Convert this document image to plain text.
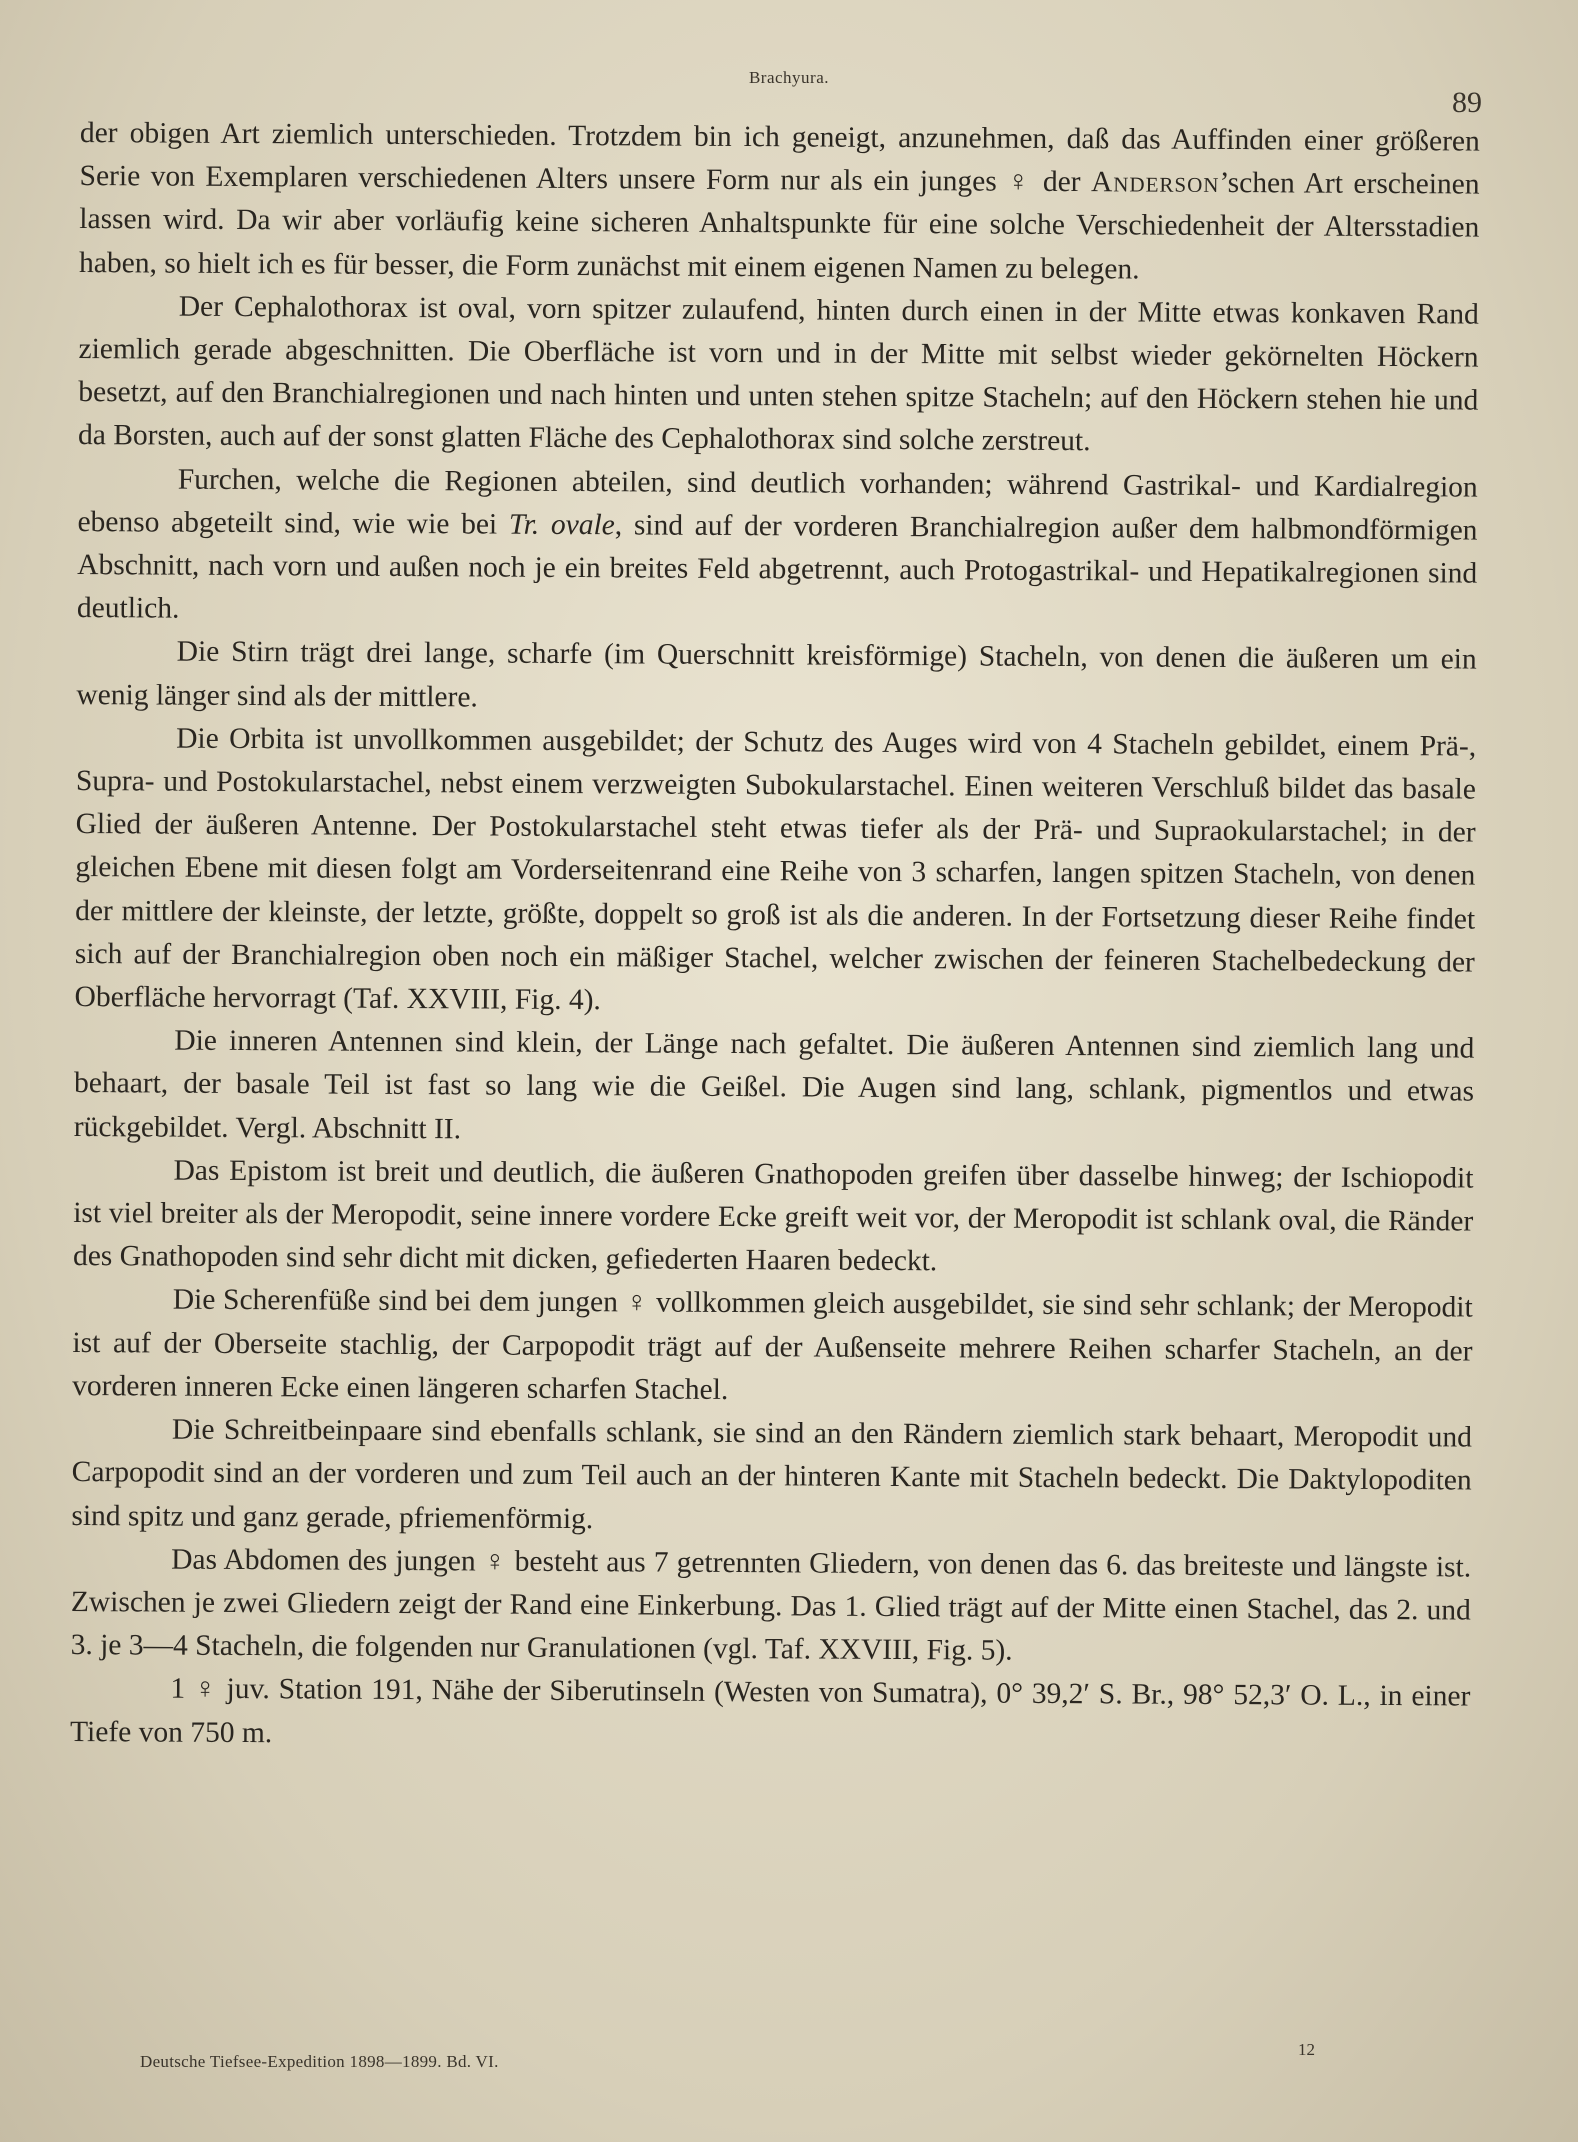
Brachyura.
89

der obigen Art ziemlich unterschieden. Trotzdem bin ich geneigt, anzunehmen, daß das Auffinden einer größeren Serie von Exemplaren verschiedenen Alters unsere Form nur als ein junges ♀ der Anderson’schen Art erscheinen lassen wird. Da wir aber vorläufig keine sicheren Anhaltspunkte für eine solche Verschiedenheit der Altersstadien haben, so hielt ich es für besser, die Form zunächst mit einem eigenen Namen zu belegen.

Der Cephalothorax ist oval, vorn spitzer zulaufend, hinten durch einen in der Mitte etwas konkaven Rand ziemlich gerade abgeschnitten. Die Oberfläche ist vorn und in der Mitte mit selbst wieder gekörnelten Höckern besetzt, auf den Branchialregionen und nach hinten und unten stehen spitze Stacheln; auf den Höckern stehen hie und da Borsten, auch auf der sonst glatten Fläche des Cephalothorax sind solche zerstreut.

Furchen, welche die Regionen abteilen, sind deutlich vorhanden; während Gastrikal- und Kardialregion ebenso abgeteilt sind, wie wie bei Tr. ovale, sind auf der vorderen Branchialregion außer dem halbmondförmigen Abschnitt, nach vorn und außen noch je ein breites Feld abgetrennt, auch Protogastrikal- und Hepatikalregionen sind deutlich.

Die Stirn trägt drei lange, scharfe (im Querschnitt kreisförmige) Stacheln, von denen die äußeren um ein wenig länger sind als der mittlere.

Die Orbita ist unvollkommen ausgebildet; der Schutz des Auges wird von 4 Stacheln gebildet, einem Prä-, Supra- und Postokularstachel, nebst einem verzweigten Subokularstachel. Einen weiteren Verschluß bildet das basale Glied der äußeren Antenne. Der Postokularstachel steht etwas tiefer als der Prä- und Supraokularstachel; in der gleichen Ebene mit diesen folgt am Vorderseitenrand eine Reihe von 3 scharfen, langen spitzen Stacheln, von denen der mittlere der kleinste, der letzte, größte, doppelt so groß ist als die anderen. In der Fortsetzung dieser Reihe findet sich auf der Branchialregion oben noch ein mäßiger Stachel, welcher zwischen der feineren Stachelbedeckung der Oberfläche hervorragt (Taf. XXVIII, Fig. 4).

Die inneren Antennen sind klein, der Länge nach gefaltet. Die äußeren Antennen sind ziemlich lang und behaart, der basale Teil ist fast so lang wie die Geißel. Die Augen sind lang, schlank, pigmentlos und etwas rückgebildet. Vergl. Abschnitt II.

Das Epistom ist breit und deutlich, die äußeren Gnathopoden greifen über dasselbe hinweg; der Ischiopodit ist viel breiter als der Meropodit, seine innere vordere Ecke greift weit vor, der Meropodit ist schlank oval, die Ränder des Gnathopoden sind sehr dicht mit dicken, gefiederten Haaren bedeckt.

Die Scherenfüße sind bei dem jungen ♀ vollkommen gleich ausgebildet, sie sind sehr schlank; der Meropodit ist auf der Oberseite stachlig, der Carpopodit trägt auf der Außenseite mehrere Reihen scharfer Stacheln, an der vorderen inneren Ecke einen längeren scharfen Stachel.

Die Schreitbeinpaare sind ebenfalls schlank, sie sind an den Rändern ziemlich stark behaart, Meropodit und Carpopodit sind an der vorderen und zum Teil auch an der hinteren Kante mit Stacheln bedeckt. Die Daktylopoditen sind spitz und ganz gerade, pfriemenförmig.

Das Abdomen des jungen ♀ besteht aus 7 getrennten Gliedern, von denen das 6. das breiteste und längste ist. Zwischen je zwei Gliedern zeigt der Rand eine Einkerbung. Das 1. Glied trägt auf der Mitte einen Stachel, das 2. und 3. je 3—4 Stacheln, die folgenden nur Granulationen (vgl. Taf. XXVIII, Fig. 5).

1 ♀ juv. Station 191, Nähe der Siberutinseln (Westen von Sumatra), 0° 39,2′ S. Br., 98° 52,3′ O. L., in einer Tiefe von 750 m.

Deutsche Tiefsee-Expedition 1898—1899. Bd. VI.
12
